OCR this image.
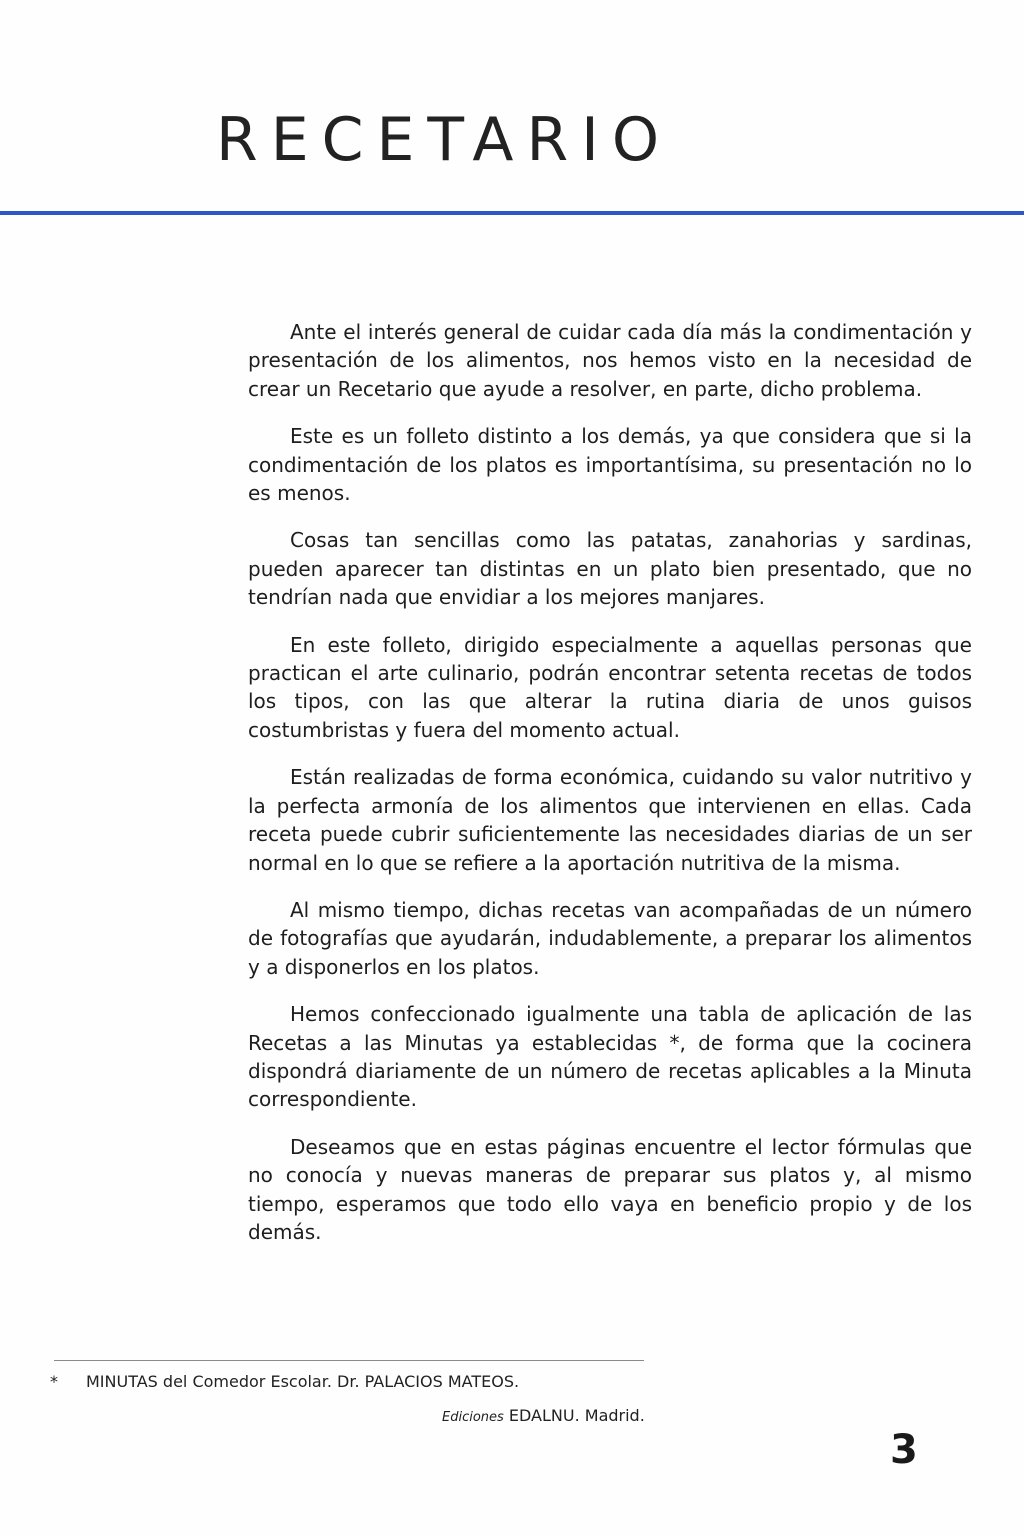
RECETARIO

Ante el interés general de cuidar cada día más la condimentación y presentación de los alimentos, nos hemos visto en la necesidad de crear un Recetario que ayude a resolver, en parte, dicho problema.

Este es un folleto distinto a los demás, ya que considera que si la condimentación de los platos es importantísima, su presentación no lo es menos.

Cosas tan sencillas como las patatas, zanahorias y sardinas, pueden aparecer tan distintas en un plato bien presentado, que no tendrían nada que envidiar a los mejores manjares.

En este folleto, dirigido especialmente a aquellas personas que practican el arte culinario, podrán encontrar setenta recetas de todos los tipos, con las que alterar la rutina diaria de unos guisos costumbristas y fuera del momento actual.

Están realizadas de forma económica, cuidando su valor nutritivo y la perfecta armonía de los alimentos que intervienen en ellas. Cada receta puede cubrir suficientemente las necesidades diarias de un ser normal en lo que se refiere a la aportación nutritiva de la misma.

Al mismo tiempo, dichas recetas van acompañadas de un número de fotografías que ayudarán, indudablemente, a preparar los alimentos y a disponerlos en los platos.

Hemos confeccionado igualmente una tabla de aplicación de las Recetas a las Minutas ya establecidas *, de forma que la cocinera dispondrá diariamente de un número de recetas aplicables a la Minuta correspondiente.

Deseamos que en estas páginas encuentre el lector fórmulas que no conocía y nuevas maneras de preparar sus platos y, al mismo tiempo, esperamos que todo ello vaya en beneficio propio y de los demás.

* MINUTAS del Comedor Escolar. Dr. PALACIOS MATEOS.
Ediciones EDALNU. Madrid.
3
